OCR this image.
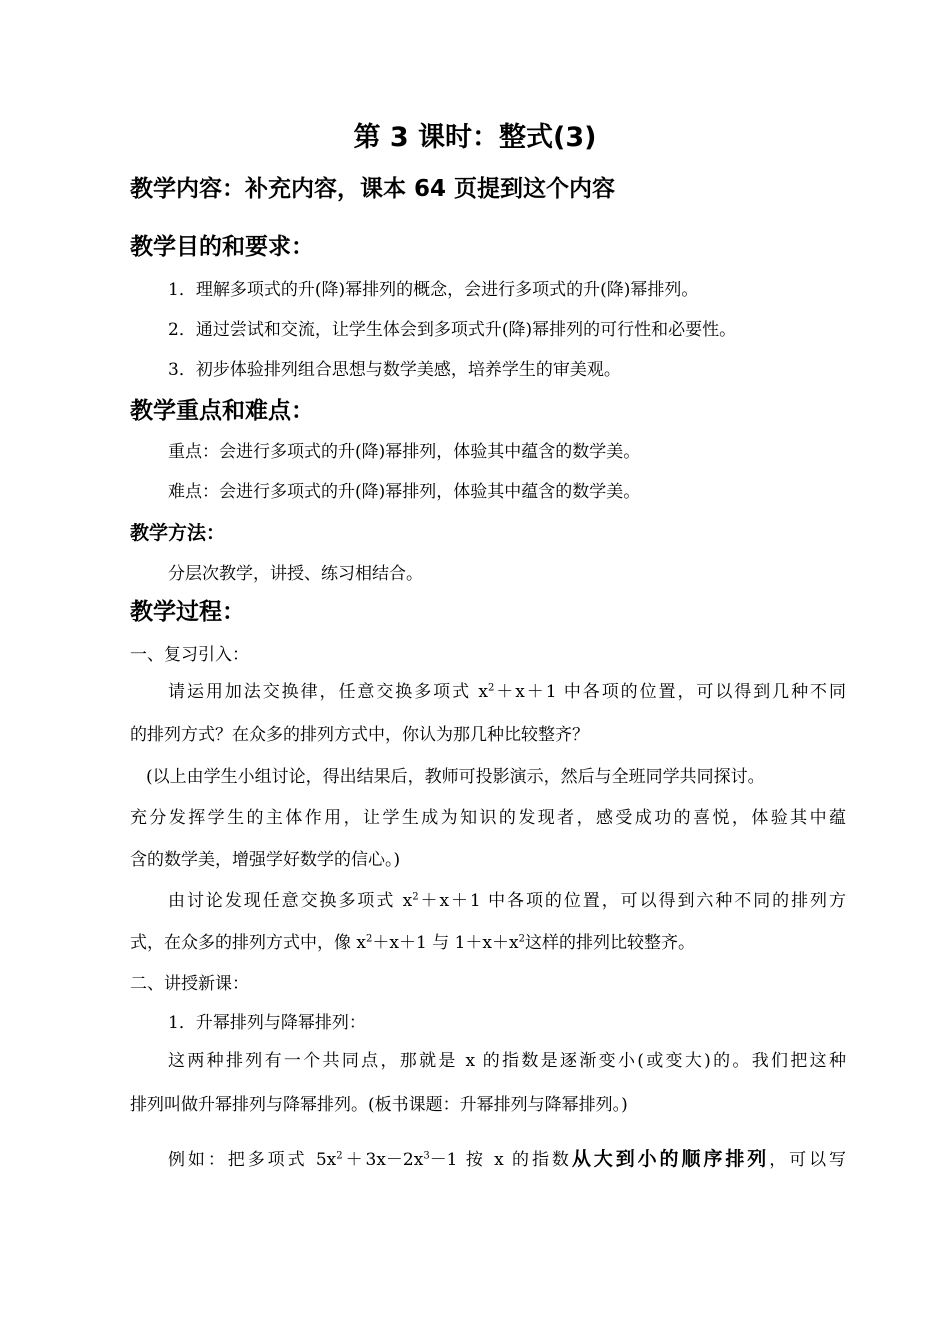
第 3 课时：整式(3)
教学内容：补充内容，课本 64 页提到这个内容
教学目的和要求：
1．理解多项式的升(降)幂排列的概念，会进行多项式的升(降)幂排列。
2．通过尝试和交流，让学生体会到多项式升(降)幂排列的可行性和必要性。
3．初步体验排列组合思想与数学美感，培养学生的审美观。
教学重点和难点：
重点：会进行多项式的升(降)幂排列，体验其中蕴含的数学美。
难点：会进行多项式的升(降)幂排列，体验其中蕴含的数学美。
教学方法：
分层次教学，讲授、练习相结合。
教学过程：
一、复习引入：
请运用加法交换律，任意交换多项式 $x^2+x+1$ 中各项的位置，可以得到几种不同
的排列方式？在众多的排列方式中，你认为那几种比较整齐？
(以上由学生小组讨论，得出结果后，教师可投影演示，然后与全班同学共同探讨。
充分发挥学生的主体作用，让学生成为知识的发现者，感受成功的喜悦，体验其中蕴
含的数学美，增强学好数学的信心。)
由讨论发现任意交换多项式 $x^2+x+1$ 中各项的位置，可以得到六种不同的排列方
式，在众多的排列方式中，像 $x^2+x+1$ 与 $1+x+x^2$这样的排列比较整齐。
二、讲授新课：
1．升幂排列与降幂排列：
这两种排列有一个共同点，那就是 x 的指数是逐渐变小(或变大)的。我们把这种
排列叫做升幂排列与降幂排列。(板书课题：升幂排列与降幂排列。)
例如：把多项式 $5x^2+3x-2x^3-1$ 按 x 的指数从大到小的顺序排列，可以写
